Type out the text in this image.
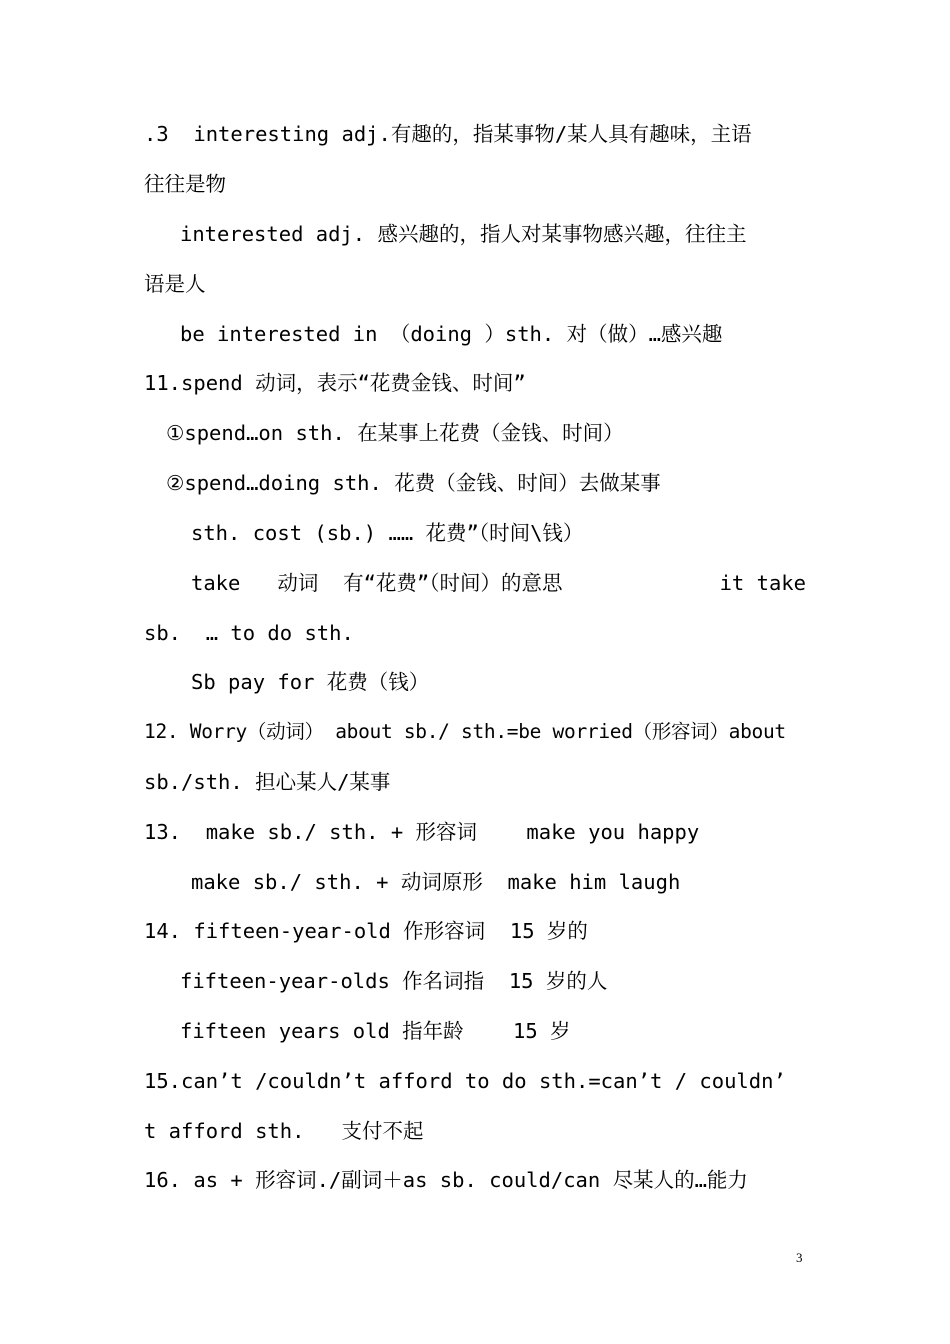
.3  interesting adj.有趣的，指某事物/某人具有趣味，主语
往往是物
interested adj. 感兴趣的，指人对某事物感兴趣，往往主
语是人
be interested in （doing ）sth. 对（做）…感兴趣
11.spend 动词，表示“花费金钱、时间”
①spend…on sth. 在某事上花费（金钱、时间）
②spend…doing sth. 花费（金钱、时间）去做某事
sth. cost (sb.) …… 花费”（时间\钱）
take   动词  有“花费”（时间）的意思	it take
sb.  … to do sth.
Sb pay for 花费（钱）
12. Worry（动词） about sb./ sth.=be worried（形容词）about
sb./sth. 担心某人/某事
13.  make sb./ sth. + 形容词    make you happy
make sb./ sth. + 动词原形  make him laugh
14. fifteen-year-old 作形容词  15 岁的
fifteen-year-olds 作名词指  15 岁的人
fifteen years old 指年龄    15 岁
15.can’t /couldn’t afford to do sth.=can’t / couldn’
t afford sth.   支付不起
16. as + 形容词./副词＋as sb. could/can 尽某人的…能力
3
